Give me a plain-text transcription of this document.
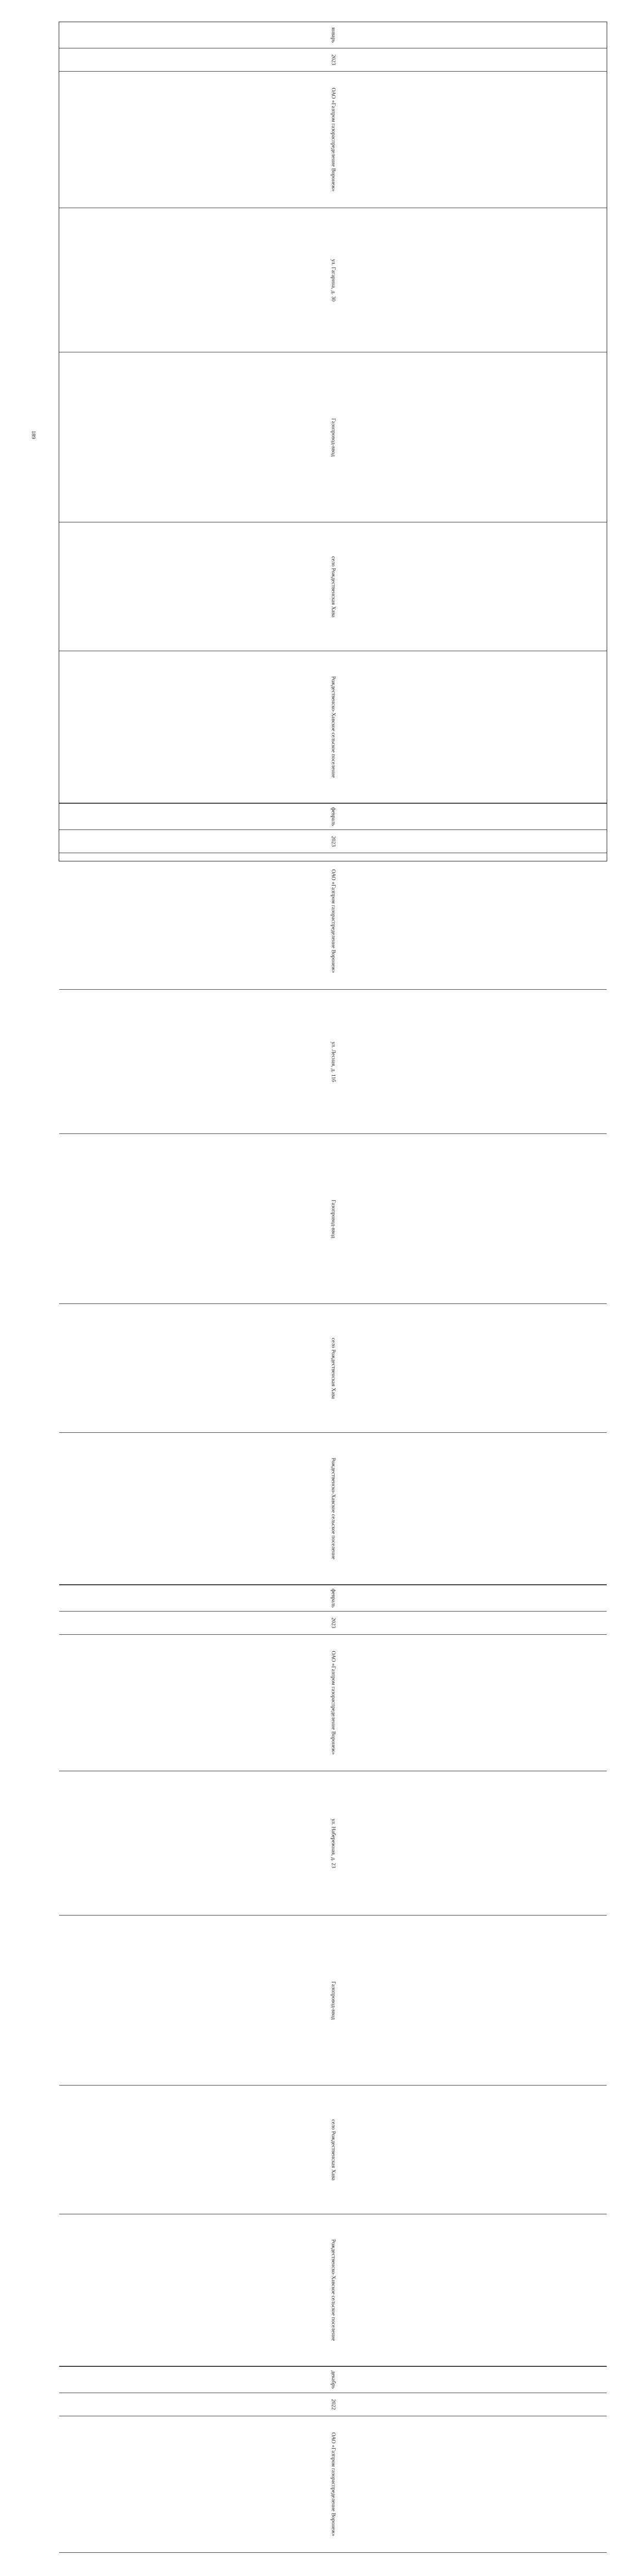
189
январь
2023
ОАО «Газпром газораспределение Воронеж»
ул. Гагарина, д. 30
Газопровод-ввод
село Рождественская Хава
Рождественско-Хавское сельское поселение
февраль
2023
ОАО «Газпром газораспределение Воронеж»
ул. Лесная, д. 11б
Газопровод-ввод
село Рождественская Хава
Рождественско-Хавское сельское поселение
февраль
2023
ОАО «Газпром газораспределение Воронеж»
ул. Набережная, д. 23
Газопровод-ввод
село Рождественская Хава
Рождественско-Хавское сельское поселение
декабрь
2022
ОАО «Газпром газораспределение Воронеж»
